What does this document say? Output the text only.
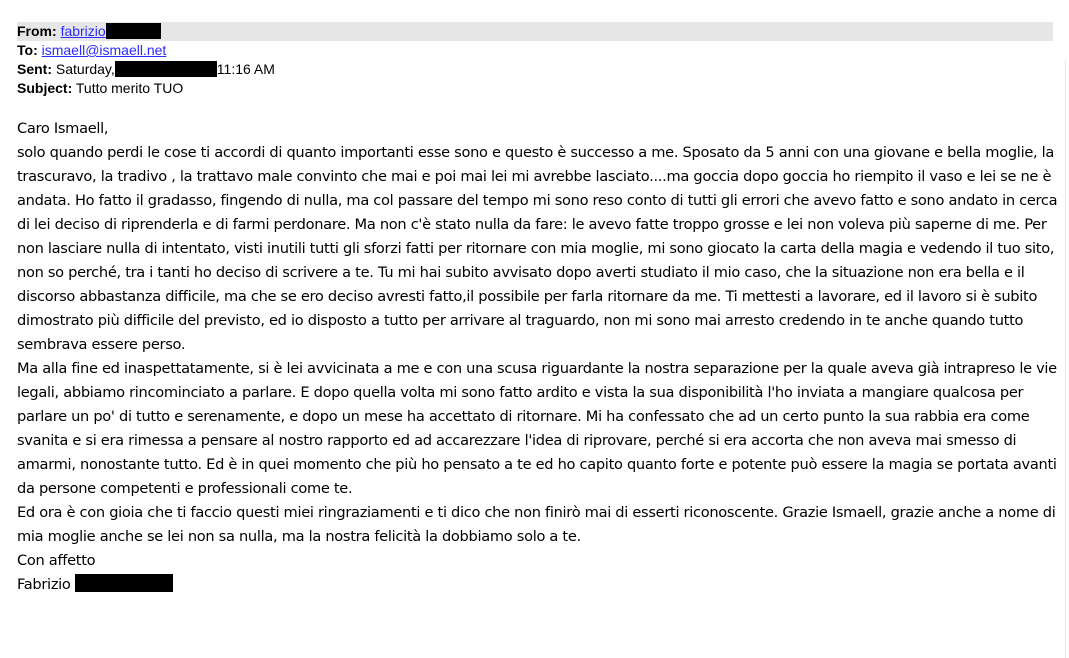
From: fabrizio
To: ismaell@ismaell.net
Sent: Saturday,	11:16 AM
Subject: Tutto merito TUO

Caro Ismaell,

solo quando perdi le cose ti accordi di quanto importanti esse sono e questo è successo a me. Sposato da 5 anni con una giovane e bella moglie, la trascuravo, la tradivo , la trattavo male convinto che mai e poi mai lei mi avrebbe lasciato....ma goccia dopo goccia ho riempito il vaso e lei se ne è andata. Ho fatto il gradasso, fingendo di nulla, ma col passare del tempo mi sono reso conto di tutti gli errori che avevo fatto e sono andato in cerca di lei deciso di riprenderla e di farmi perdonare. Ma non c'è stato nulla da fare: le avevo fatte troppo grosse e lei non voleva più saperne di me. Per non lasciare nulla di intentato, visti inutili tutti gli sforzi fatti per ritornare con mia moglie, mi sono giocato la carta della magia e vedendo il tuo sito, non so perché, tra i tanti ho deciso di scrivere a te. Tu mi hai subito avvisato dopo averti studiato il mio caso, che la situazione non era bella e il discorso abbastanza difficile, ma che se ero deciso avresti fatto,il possibile per farla ritornare da me. Ti mettesti a lavorare, ed il lavoro si è subito dimostrato più difficile del previsto, ed io disposto a tutto per arrivare al traguardo, non mi sono mai arresto credendo in te anche quando tutto sembrava essere perso.

Ma alla fine ed inaspettatamente, si è lei avvicinata a me e con una scusa riguardante la nostra separazione per la quale aveva già intrapreso le vie legali, abbiamo rincominciato a parlare. E dopo quella volta mi sono fatto ardito e vista la sua disponibilità l'ho inviata a mangiare qualcosa per parlare un po' di tutto e serenamente, e dopo un mese ha accettato di ritornare. Mi ha confessato che ad un certo punto la sua rabbia era come svanita e si era rimessa a pensare al nostro rapporto ed ad accarezzare l'idea di riprovare, perché si era accorta che non aveva mai smesso di amarmi, nonostante tutto. Ed è in quei momento che più ho pensato a te ed ho capito quanto forte e potente può essere la magia se portata avanti da persone competenti e professionali come te.

Ed ora è con gioia che ti faccio questi miei ringraziamenti e ti dico che non finirò mai di esserti riconoscente. Grazie Ismaell, grazie anche a nome di mia moglie anche se lei non sa nulla, ma la nostra felicità la dobbiamo solo a te.

Con affetto

Fabrizio
